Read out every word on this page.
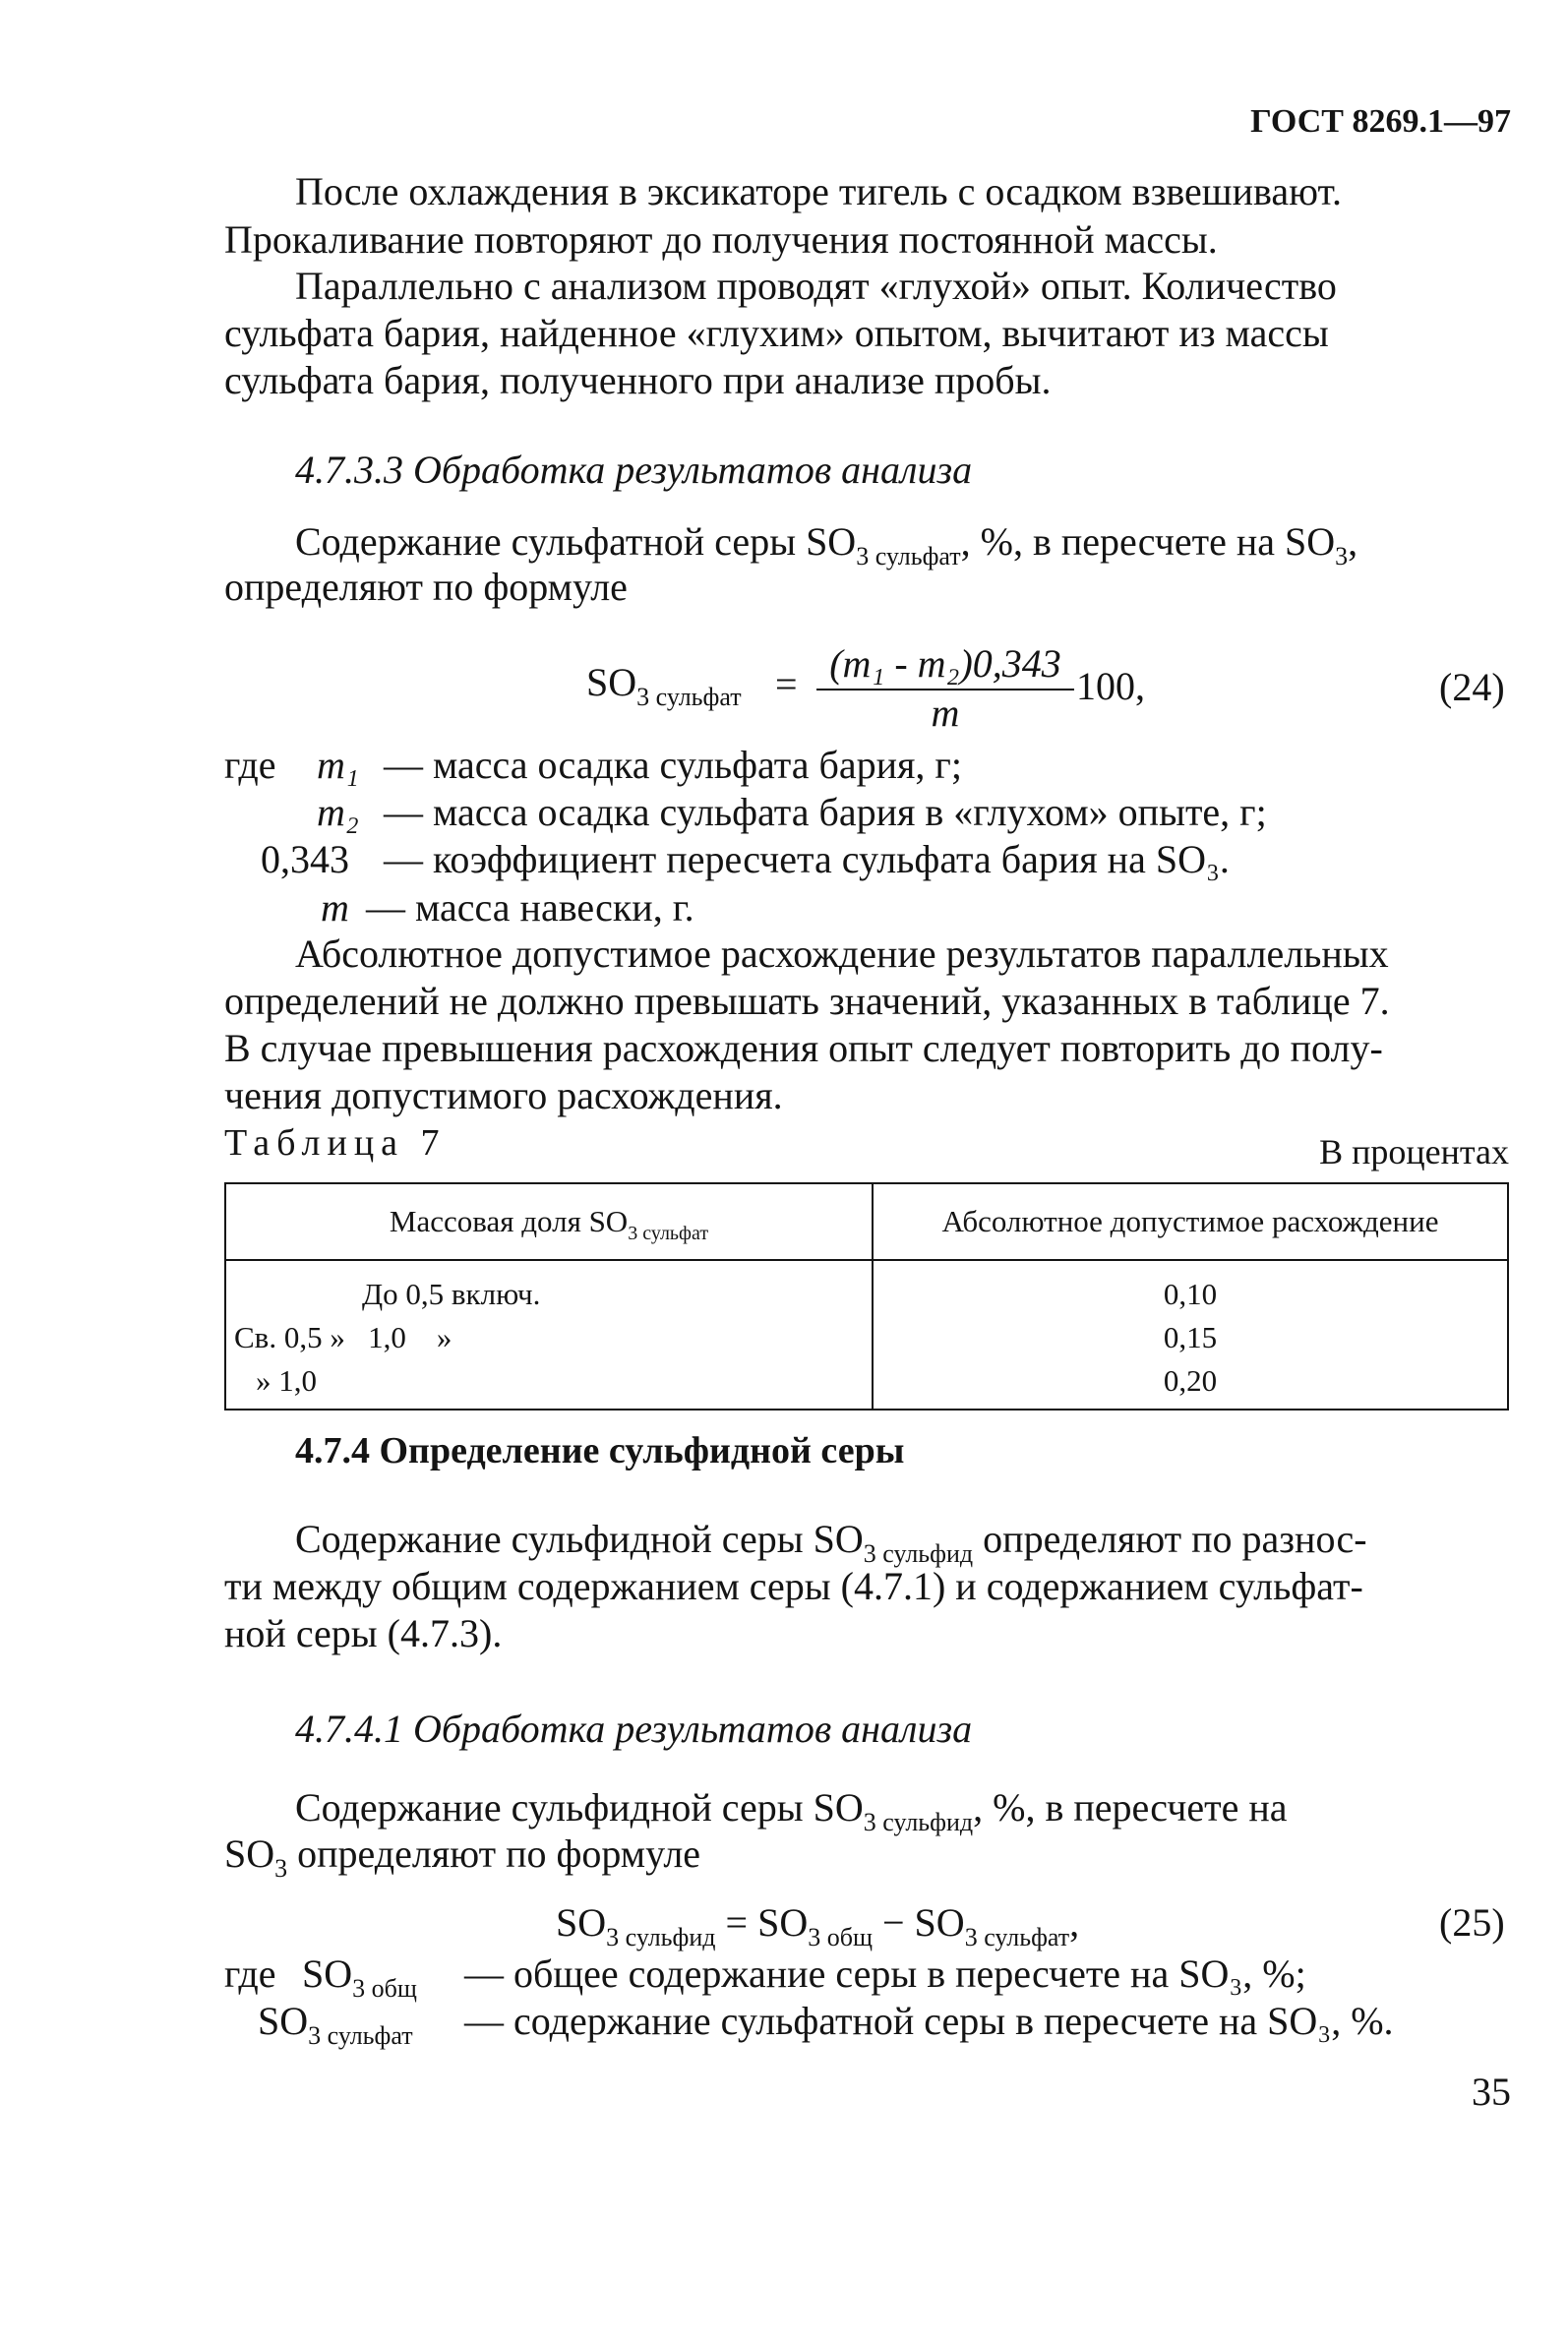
ГОСТ 8269.1—97
После охлаждения в эксикаторе тигель с осадком взвешивают.
Прокаливание повторяют до получения постоянной массы.
Параллельно с анализом проводят «глухой» опыт. Количество
сульфата бария, найденное «глухим» опытом, вычитают из массы
сульфата бария, полученного при анализе пробы.
4.7.3.3 Обработка результатов анализа
Содержание сульфатной серы $SO_{3 сульфат}$, %, в пересчете на $SO_3$,
определяют по формуле
$SO_{3 сульфат} = \frac{\text{(m₁ - m₂)0,343}}{m} 100$,	(24)
где m₁ — масса осадка сульфата бария, г;
m₂ — масса осадка сульфата бария в «глухом» опыте, г;
0,343 — коэффициент пересчета сульфата бария на SO₃.
m — масса навески, г.
Абсолютное допустимое расхождение результатов параллельных
определений не должно превышать значений, указанных в таблице 7.
В случае превышения расхождения опыт следует повторить до полу-
чения допустимого расхождения.
Таблица 7	В процентах
Массовая доля $SO_{3 сульфат}$	Абсолютное допустимое расхождение
До 0,5 включ.	0,10
Св. 0,5 »   1,0    »	0,15
» 1,0	0,20
4.7.4 Определение сульфидной серы
Содержание сульфидной серы $SO_{3 сульфид}$ определяют по разнос-
ти между общим содержанием серы (4.7.1) и содержанием сульфат-
ной серы (4.7.3).
4.7.4.1 Обработка результатов анализа
Содержание сульфидной серы $SO_{3 сульфид}$, %, в пересчете на
$SO_3$ определяют по формуле
$SO_{3 сульфид} = SO_{3 общ} - SO_{3 сульфат}$,	(25)
где $SO_{3 общ}$ — общее содержание серы в пересчете на SO₃, %;
$SO_{3 сульфат}$ — содержание сульфатной серы в пересчете на SO₃, %.
35
